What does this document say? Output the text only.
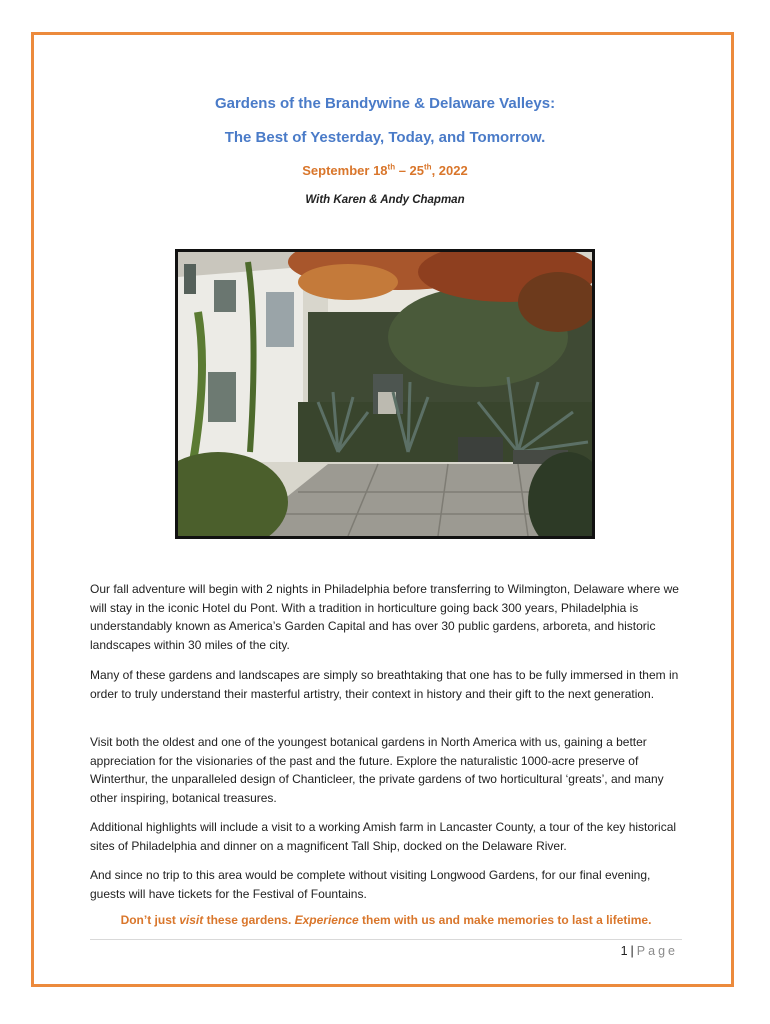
Gardens of the Brandywine & Delaware Valleys:
The Best of Yesterday, Today, and Tomorrow.
September 18th – 25th, 2022
With Karen & Andy Chapman
Our fall adventure will begin with 2 nights in Philadelphia before transferring to Wilmington, Delaware where we will stay in the iconic Hotel du Pont. With a tradition in horticulture going back 300 years, Philadelphia is understandably known as America’s Garden Capital and has over 30 public gardens, arboreta, and historic landscapes within 30 miles of the city.
Many of these gardens and landscapes are simply so breathtaking that one has to be fully immersed in them in order to truly understand their masterful artistry, their context in history and their gift to the next generation.
Visit both the oldest and one of the youngest botanical gardens in North America with us, gaining a better appreciation for the visionaries of the past and the future. Explore the naturalistic 1000-acre preserve of Winterthur, the unparalleled design of Chanticleer, the private gardens of two horticultural ‘greats’, and many other inspiring, botanical treasures.
Additional highlights will include a visit to a working Amish farm in Lancaster County, a tour of the key historical sites of Philadelphia and dinner on a magnificent Tall Ship, docked on the Delaware River.
And since no trip to this area would be complete without visiting Longwood Gardens, for our final evening, guests will have tickets for the Festival of Fountains.
Don’t just visit these gardens. Experience them with us and make memories to last a lifetime.
1 | Page
